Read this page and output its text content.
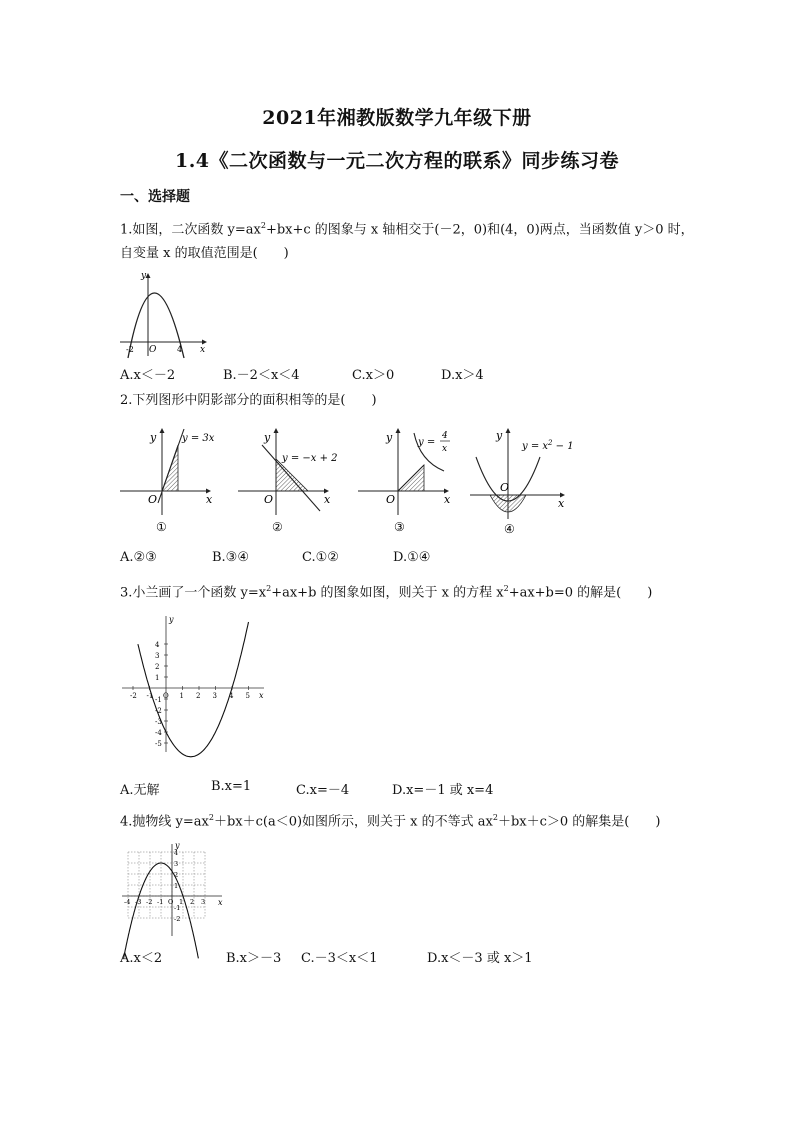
2021年湘教版数学九年级下册
1.4《二次函数与一元二次方程的联系》同步练习卷
一、选择题
1.如图，二次函数 $y=ax^2+bx+c$ 的图象与 x 轴相交于(－2，0)和(4，0)两点，当函数值 y＞0 时，
自变量 x 的取值范围是(　　)
y
x
O
-2	4
A.x＜－2	B.－2＜x＜4	C.x＞0	D.x＞4
2.下列图形中阴影部分的面积相等的是(　　)
y = 3x
y
x
O
①
y = −x + 2
y
x
O
②
y =
4
x
y
x
O
③
$y = x^2 - 1$
y
x
O
④
A.②③	B.③④	C.①②	D.①④
3.小兰画了一个函数 $y=x^2+ax+b$ 的图象如图，则关于 x 的方程 $x^2+ax+b=0$ 的解是(　　)
-2 -1 O 1 2 3 4 5
4
3
2
1
-1
-2
-3
-4
-5
x
y
A.无解	B.x=1	C.x=－4	D.x=－1 或 x=4
4.抛物线 $y=ax^2+bx+c(a<0)$如图所示，则关于 x 的不等式 $ax^2+bx+c>0$ 的解集是(　　)
-4 -3 -2 -1 O 1 2 3
4
3
2
1
-1
-2
x
y
A.x＜2	B.x＞－3 C.－3＜x＜1	D.x＜－3 或 x＞1
